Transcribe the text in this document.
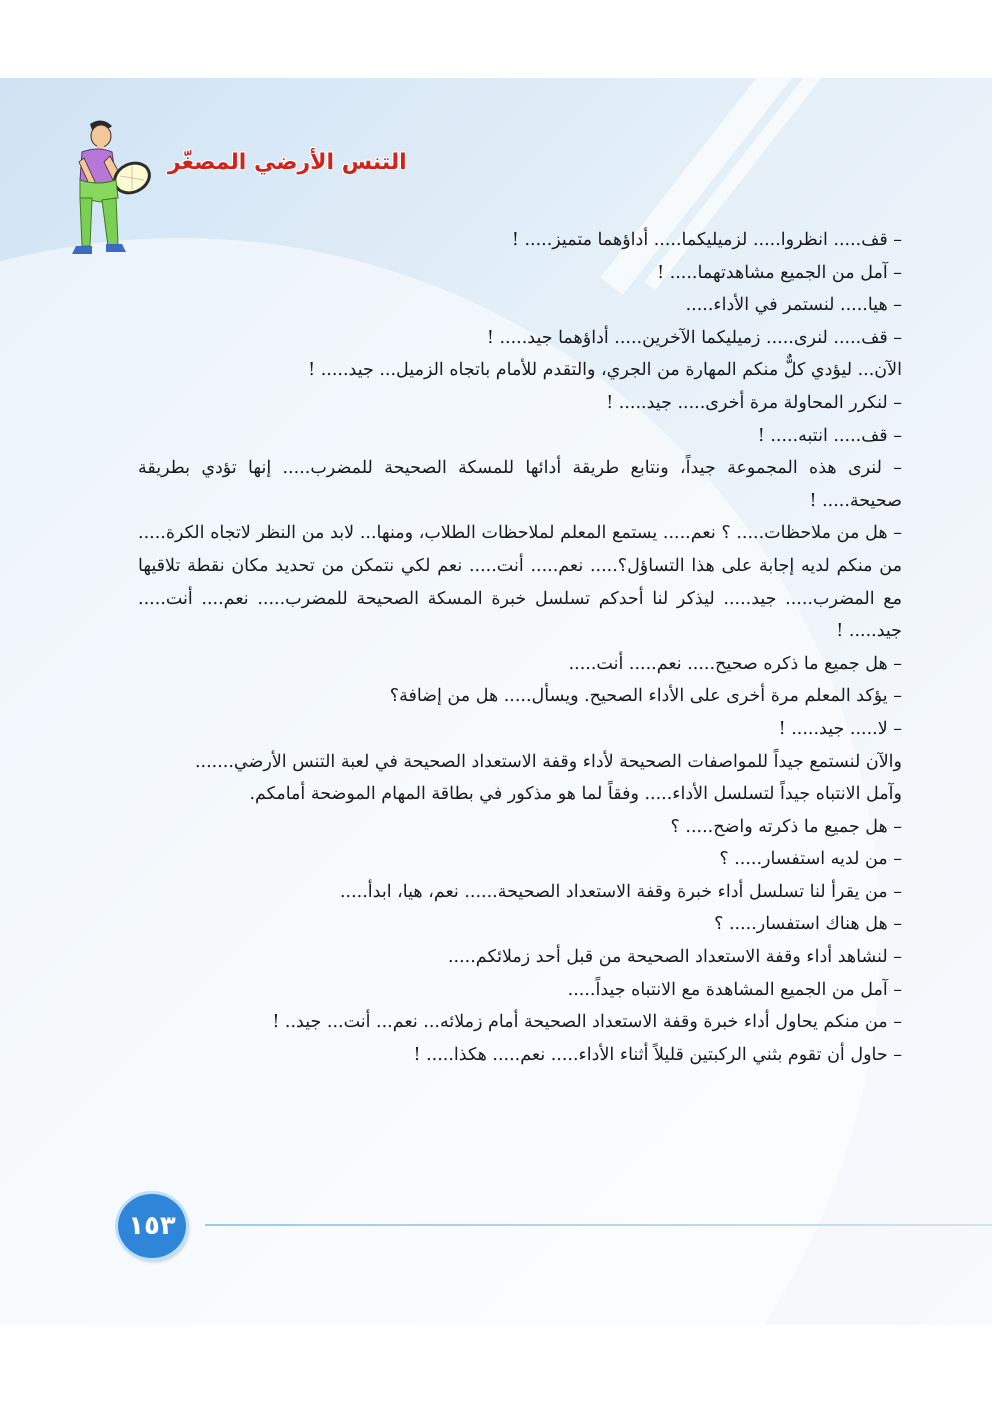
التنس الأرضي المصغّر

– قف..... انظروا..... لزميليكما..... أداؤهما متميز..... !

– آمل من الجميع مشاهدتهما..... !

– هيا..... لنستمر في الأداء.....

– قف..... لنرى..... زميليكما الآخرين..... أداؤهما جيد..... !

الآن... ليؤدي كلٌّ منكم المهارة من الجري، والتقدم للأمام باتجاه الزميل... جيد..... !

– لنكرر المحاولة مرة أخرى..... جيد..... !

– قف..... انتبه..... !

– لنرى هذه المجموعة جيداً، ونتابع طريقة أدائها للمسكة الصحيحة للمضرب..... إنها تؤدي بطريقة صحيحة..... !

– هل من ملاحظات..... ؟ نعم..... يستمع المعلم لملاحظات الطلاب، ومنها... لابد من النظر لاتجاه الكرة..... من منكم لديه إجابة على هذا التساؤل؟..... نعم..... أنت..... نعم لكي نتمكن من تحديد مكان نقطة تلاقيها مع المضرب..... جيد..... ليذكر لنا أحدكم تسلسل خبرة المسكة الصحيحة للمضرب..... نعم.... أنت..... جيد..... !

– هل جميع ما ذكره صحيح..... نعم..... أنت.....

– يؤكد المعلم مرة أخرى على الأداء الصحيح. ويسأل..... هل من إضافة؟

– لا..... جيد..... !

والآن لنستمع جيداً للمواصفات الصحيحة لأداء وقفة الاستعداد الصحيحة في لعبة التنس الأرضي.......

وآمل الانتباه جيداً لتسلسل الأداء..... وفقاً لما هو مذكور في بطاقة المهام الموضحة أمامكم.

– هل جميع ما ذكرته واضح..... ؟

– من لديه استفسار..... ؟

– من يقرأ لنا تسلسل أداء خبرة وقفة الاستعداد الصحيحة...... نعم، هيا، ابدأ.....

– هل هناك استفسار..... ؟

– لنشاهد أداء وقفة الاستعداد الصحيحة من قبل أحد زملائكم.....

– آمل من الجميع المشاهدة مع الانتباه جيداً.....

– من منكم يحاول أداء خبرة وقفة الاستعداد الصحيحة أمام زملائه... نعم... أنت... جيد.. !

– حاول أن تقوم بثني الركبتين قليلاً أثناء الأداء..... نعم..... هكذا..... !

١٥٣
